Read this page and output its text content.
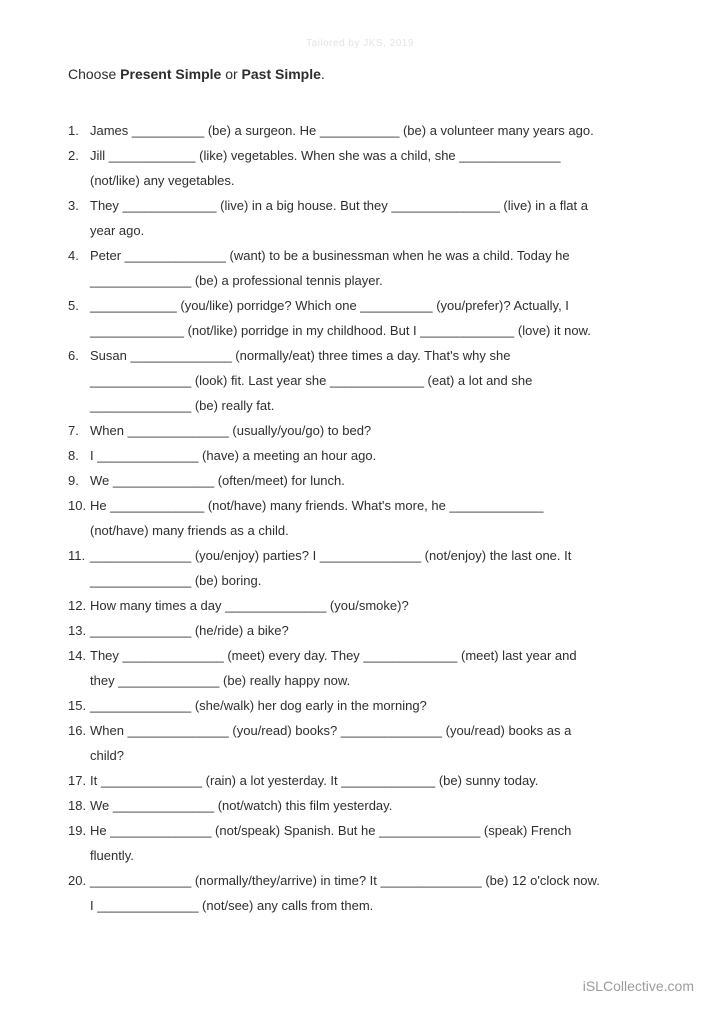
Tailored by JKS, 2019
Choose Present Simple or Past Simple.
1. James __________ (be) a surgeon. He ___________ (be) a volunteer many years ago.
2. Jill ____________ (like) vegetables. When she was a child, she ______________
(not/like) any vegetables.
3. They _____________ (live) in a big house. But they _______________ (live) in a flat a
year ago.
4. Peter ______________ (want) to be a businessman when he was a child. Today he
______________ (be) a professional tennis player.
5. ____________ (you/like) porridge? Which one __________ (you/prefer)? Actually, I
_____________ (not/like) porridge in my childhood. But I _____________ (love) it now.
6. Susan ______________ (normally/eat) three times a day. That's why she
______________ (look) fit. Last year she _____________ (eat) a lot and she
______________ (be) really fat.
7. When ______________ (usually/you/go) to bed?
8. I ______________ (have) a meeting an hour ago.
9. We ______________ (often/meet) for lunch.
10. He _____________ (not/have) many friends. What's more, he _____________
(not/have) many friends as a child.
11. ______________ (you/enjoy) parties? I ______________ (not/enjoy) the last one. It
______________ (be) boring.
12. How many times a day ______________ (you/smoke)?
13. ______________ (he/ride) a bike?
14. They ______________ (meet) every day. They _____________ (meet) last year and
they ______________ (be) really happy now.
15. ______________ (she/walk) her dog early in the morning?
16. When ______________ (you/read) books? ______________ (you/read) books as a
child?
17. It ______________ (rain) a lot yesterday. It _____________ (be) sunny today.
18. We ______________ (not/watch) this film yesterday.
19. He ______________ (not/speak) Spanish. But he ______________ (speak) French
fluently.
20. ______________ (normally/they/arrive) in time? It ______________ (be) 12 o'clock now.
I ______________ (not/see) any calls from them.
iSLCollective.com
